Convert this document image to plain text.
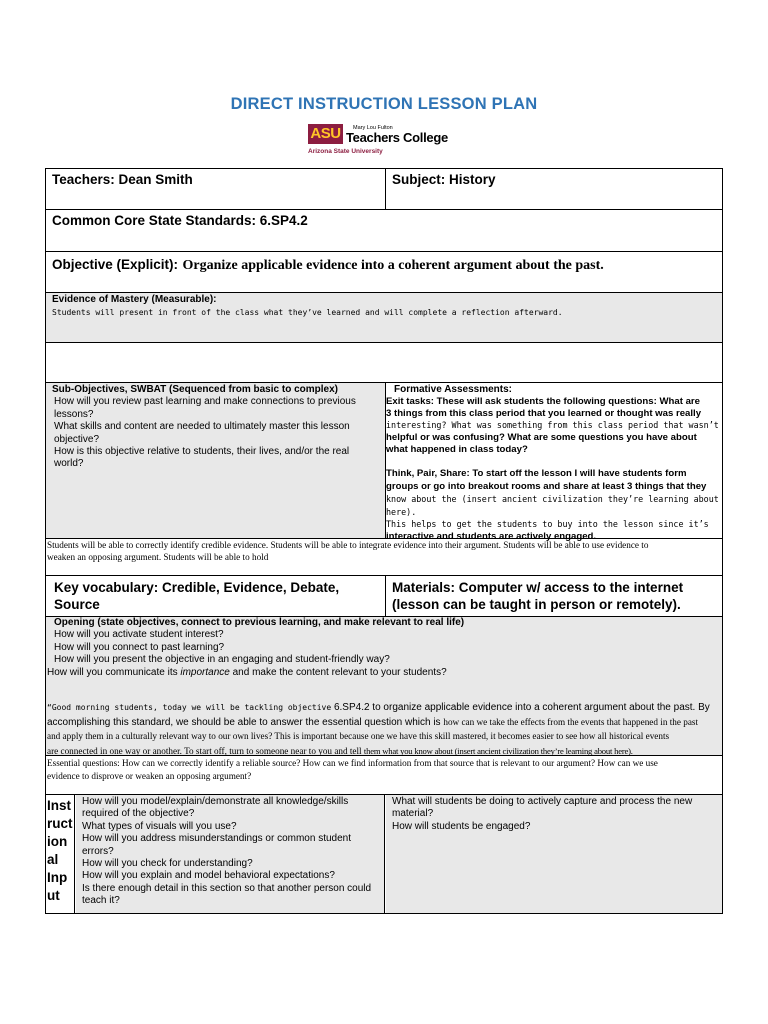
DIRECT INSTRUCTION LESSON PLAN
ASU	Mary Lou Fulton
Teachers College
Arizona State University
Teachers: Dean Smith	Subject: History
Common Core State Standards: 6.SP4.2
Objective (Explicit): Organize applicable evidence into a coherent argument about the past.
Evidence of Mastery (Measurable):
Students will present in front of the class what they’ve learned and will complete a reflection afterward.
Sub-Objectives, SWBAT (Sequenced from basic to complex)
How will you review past learning and make connections to previous
lessons?
What skills and content are needed to ultimately master this lesson
objective?
How is this objective relative to students, their lives, and/or the real
world?
Formative Assessments:
Exit tasks: These will ask students the following questions: What are
3 things from this class period that you learned or thought was really
interesting? What was something from this class period that wasn’t
helpful or was confusing? What are some questions you have about
what happened in class today?
Think, Pair, Share: To start off the lesson I will have students form
groups or go into breakout rooms and share at least 3 things that they
know about the (insert ancient civilization they’re learning about here).
This helps to get the students to buy into the lesson since it’s
interactive and students are actively engaged.
Students will be able to correctly identify credible evidence. Students will be able to integrate evidence into their argument. Students will be able to use evidence to
weaken an opposing argument. Students will be able to hold
Key vocabulary: Credible, Evidence, Debate,
Source
Materials: Computer w/ access to the internet
(lesson can be taught in person or remotely).
Opening (state objectives, connect to previous learning, and make relevant to real life)
How will you activate student interest?
How will you connect to past learning?
How will you present the objective in an engaging and student-friendly way?
How will you communicate its importance and make the content relevant to your students?
“Good morning students, today we will be tackling objective 6.SP4.2 to organize applicable evidence into a coherent argument about the past. By
accomplishing this standard, we should be able to answer the essential question which is how can we take the effects from the events that happened in the past
and apply them in a culturally relevant way to our own lives? This is important because one we have this skill mastered, it becomes easier to see how all historical events
are connected in one way or another. To start off, turn to someone near to you and tell them what you know about (insert ancient civilization they’re learning about here).
Essential questions: How can we correctly identify a reliable source? How can we find information from that source that is relevant to our argument? How can we use
evidence to disprove or weaken an opposing argument?
Inst
ruct
ion
al
Inp
ut
How will you model/explain/demonstrate all knowledge/skills
required of the objective?
What types of visuals will you use?
How will you address misunderstandings or common student
errors?
How will you check for understanding?
How will you explain and model behavioral expectations?
Is there enough detail in this section so that another person could
teach it?
What will students be doing to actively capture and process the new
material?
How will students be engaged?
